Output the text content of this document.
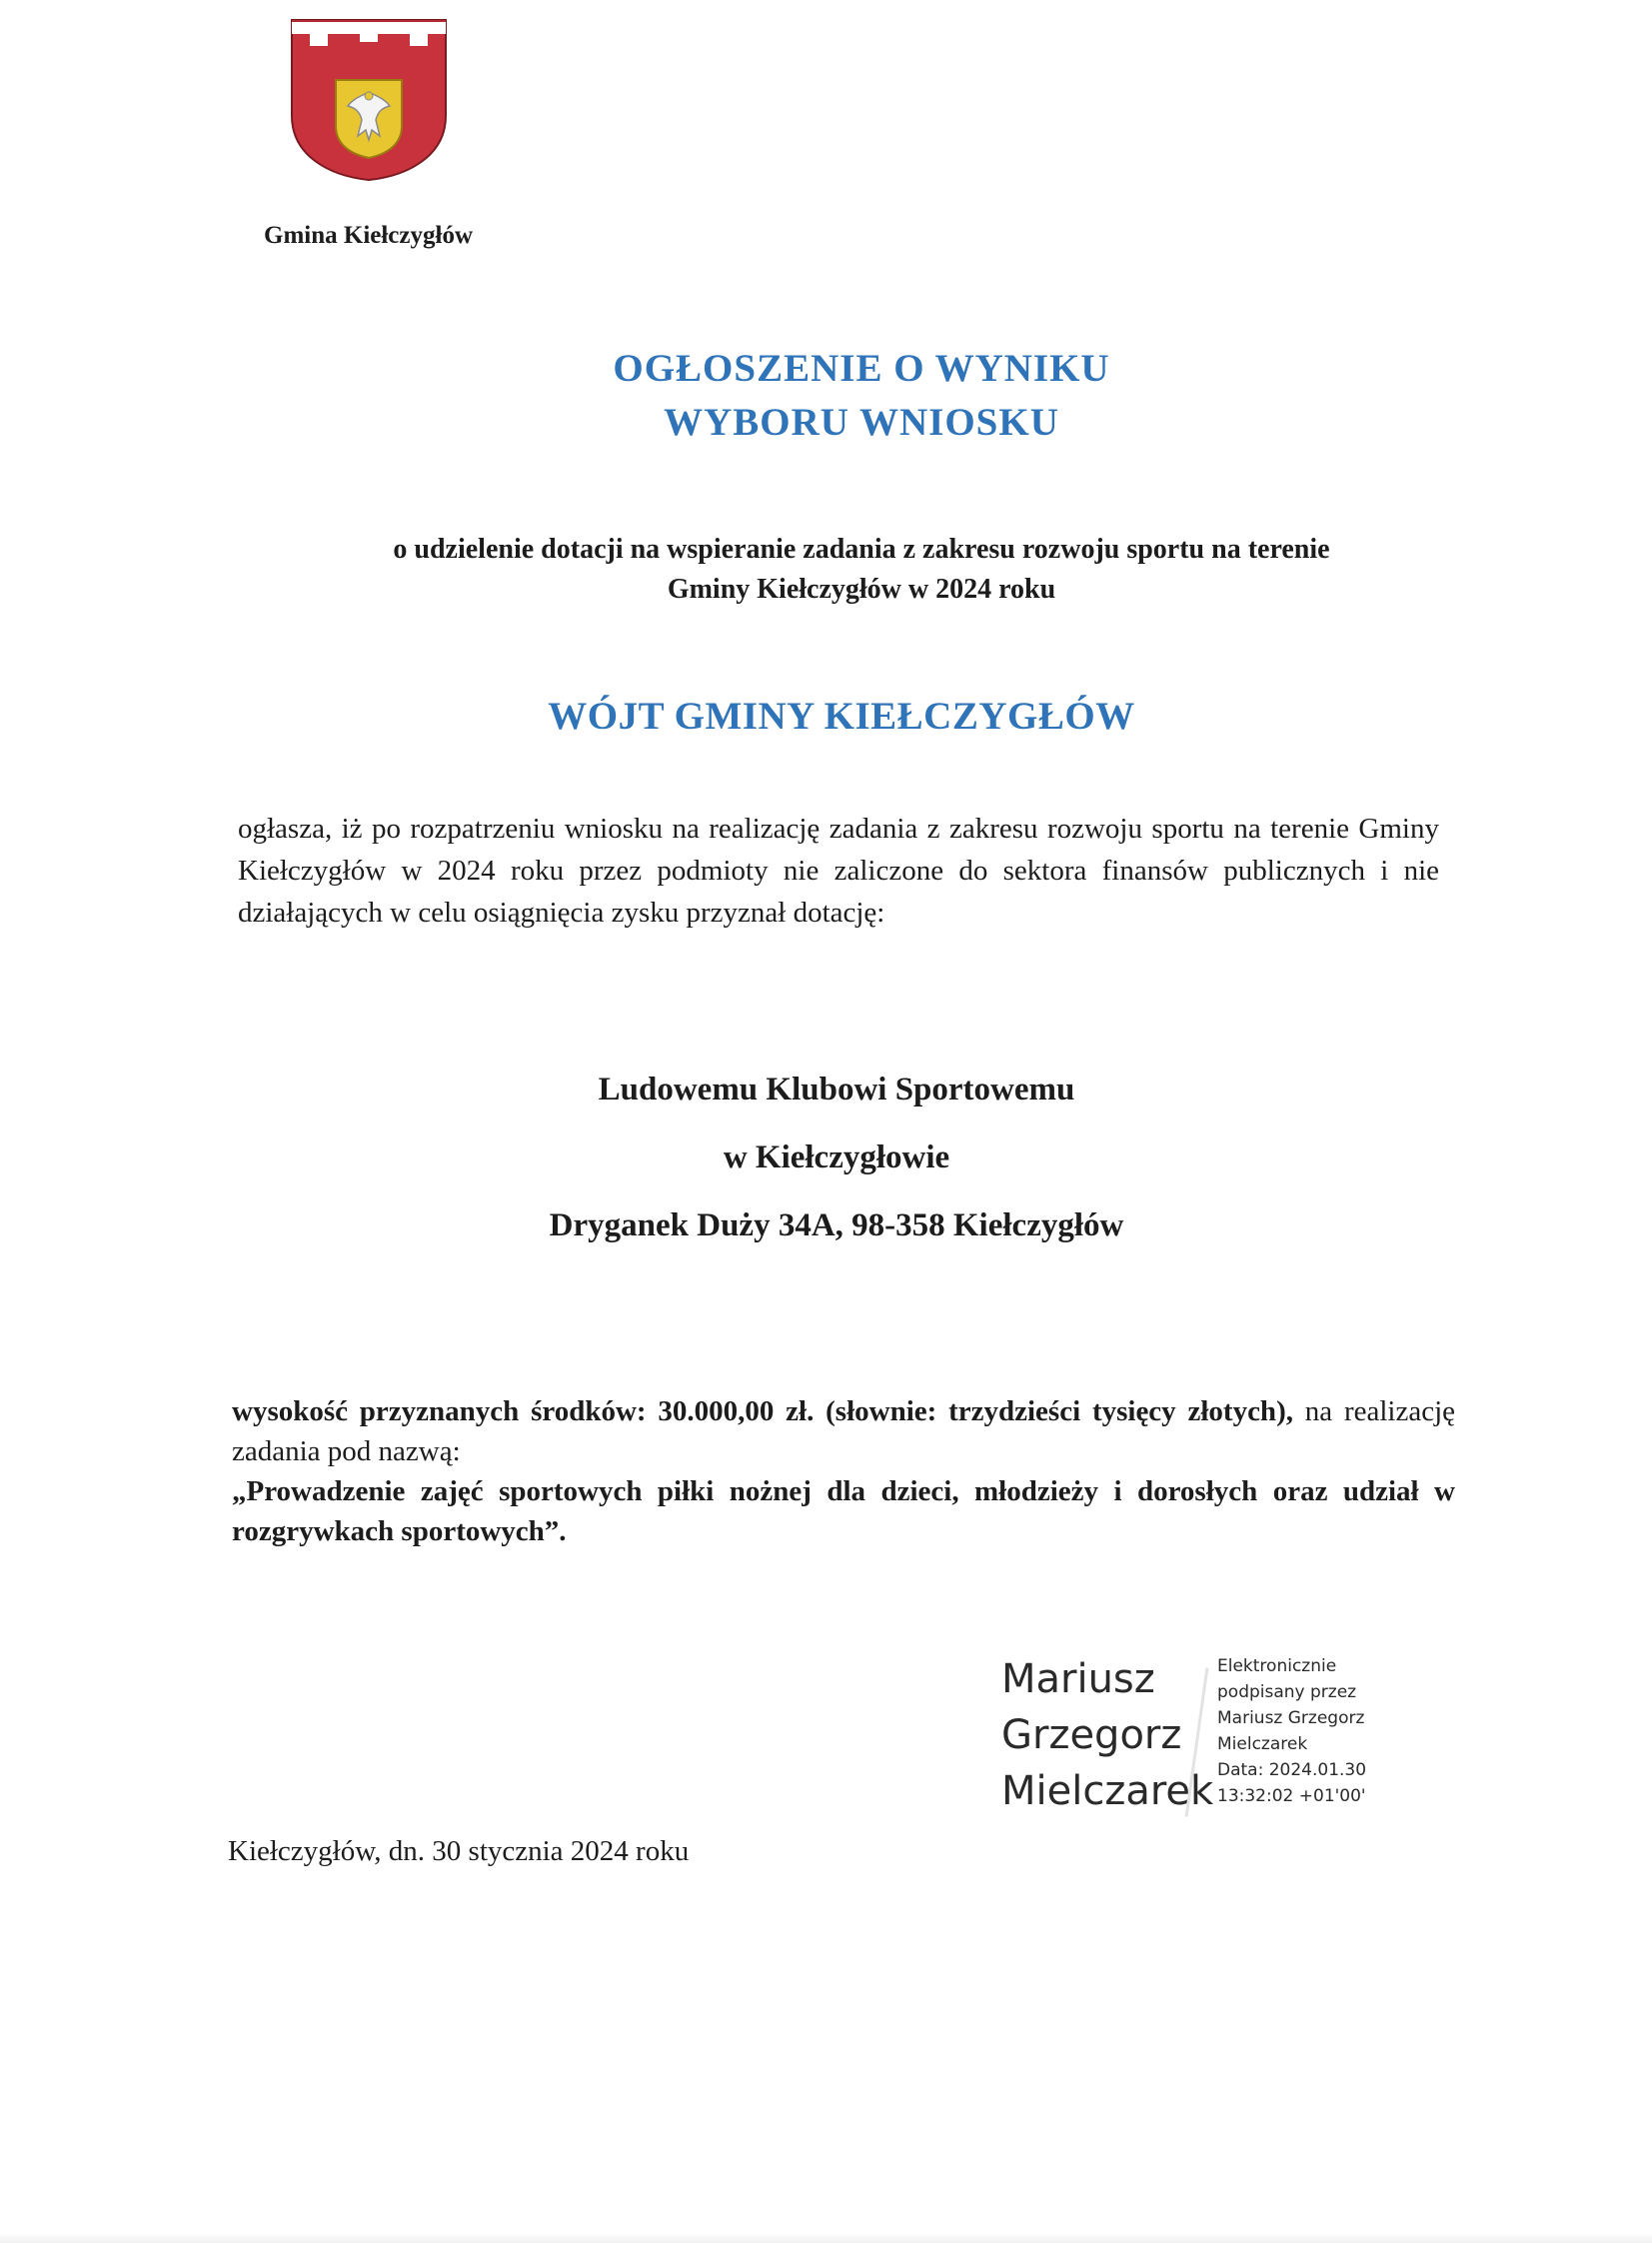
Gmina Kiełczygłów
OGŁOSZENIE O WYNIKU
WYBORU WNIOSKU
o udzielenie dotacji na wspieranie zadania z zakresu rozwoju sportu na terenie
Gminy Kiełczygłów w 2024 roku
WÓJT GMINY KIEŁCZYGŁÓW
ogłasza, iż po rozpatrzeniu wniosku na realizację zadania z zakresu rozwoju sportu na terenie Gminy Kiełczygłów w 2024 roku przez podmioty nie zaliczone do sektora finansów publicznych i nie działających w celu osiągnięcia zysku przyznał dotację:
Ludowemu Klubowi Sportowemu
w Kiełczygłowie
Dryganek Duży 34A, 98-358 Kiełczygłów
wysokość przyznanych środków: 30.000,00 zł. (słownie: trzydzieści tysięcy złotych), na realizację zadania pod nazwą:
„Prowadzenie zajęć sportowych piłki nożnej dla dzieci, młodzieży i dorosłych oraz udział w rozgrywkach sportowych”.
Mariusz
Grzegorz
Mielczarek
Elektronicznie
podpisany przez
Mariusz Grzegorz
Mielczarek
Data: 2024.01.30
13:32:02 +01'00'
Kiełczygłów, dn. 30 stycznia 2024 roku
